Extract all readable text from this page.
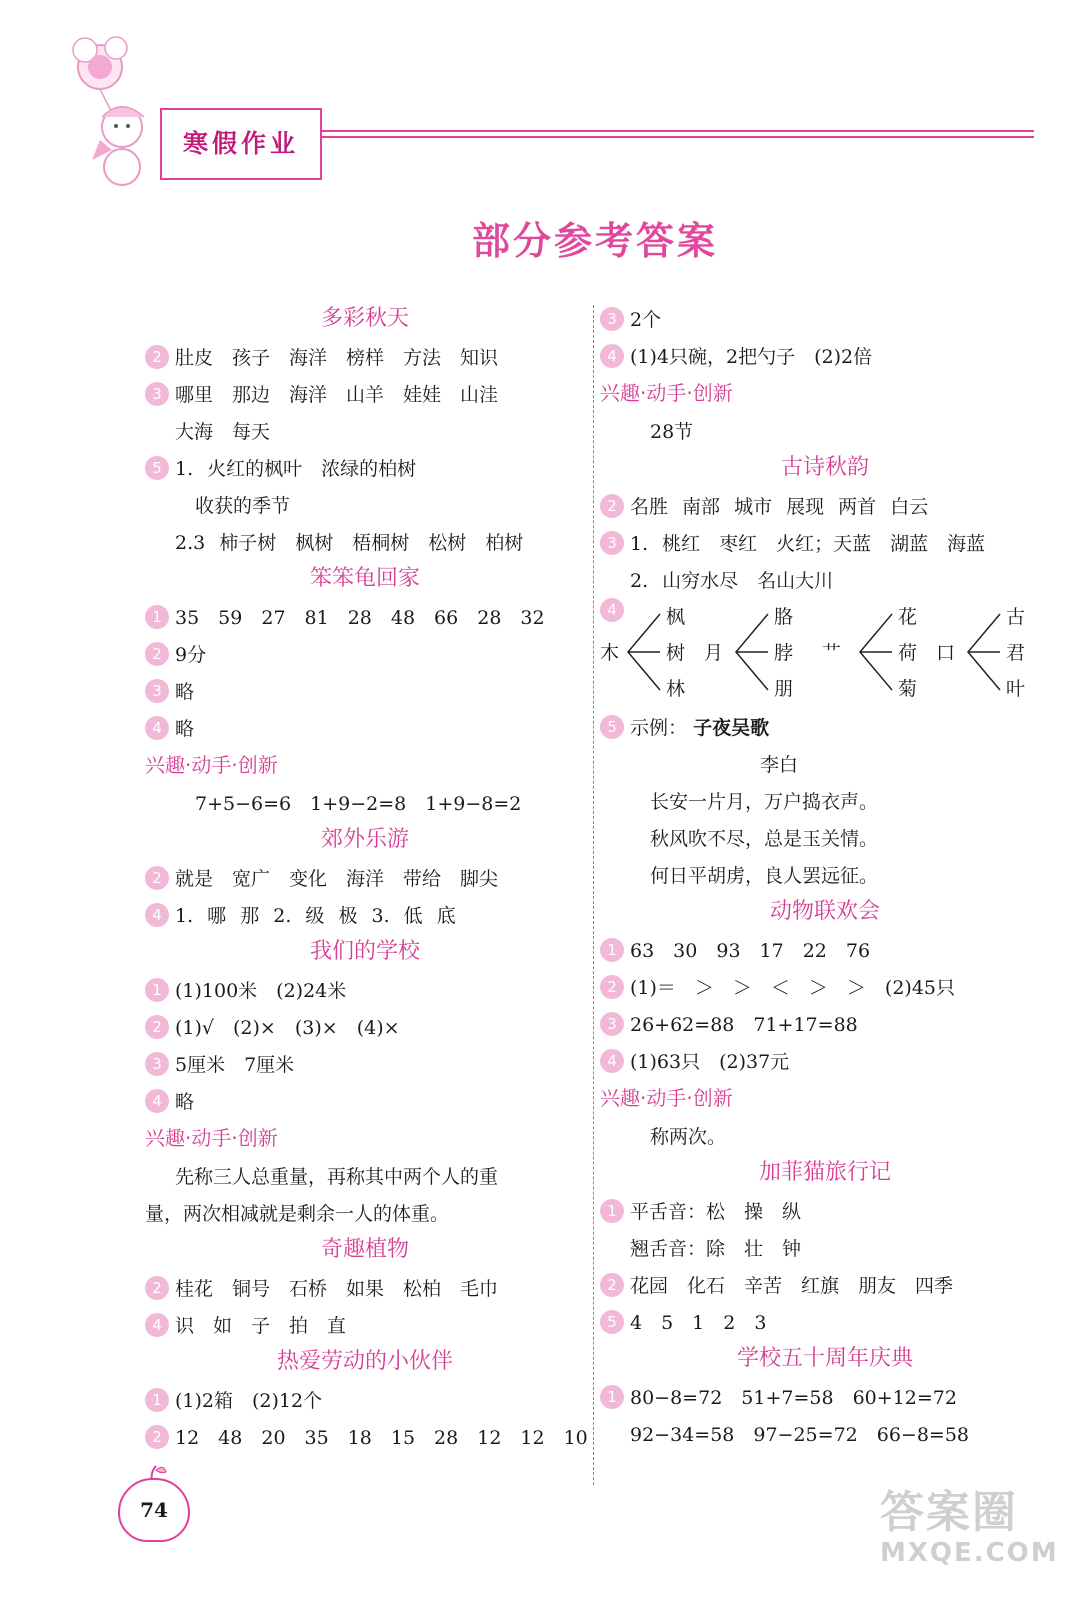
寒假作业
部分参考答案
多彩秋天
2 肚皮　孩子　海洋　榜样　方法　知识
3 哪里　那边　海洋　山羊　娃娃　山洼
大海　每天
5 1. 火红的枫叶　浓绿的柏树
收获的季节
2.3 柿子树　枫树　梧桐树　松树　柏树
笨笨龟回家
1 35　59　27　81　28　48　66　28　32
2 9分
3 略
4 略
兴趣·动手·创新
7+5−6=6　1+9−2=8　1+9−8=2
郊外乐游
2 就是　宽广　变化　海洋　带给　脚尖
4 1. 哪 那 2. 级 极 3. 低 底
我们的学校
1 (1)100米　(2)24米
2 (1)√　(2)×　(3)×　(4)×
3 5厘米　7厘米
4 略
兴趣·动手·创新
先称三人总重量，再称其中两个人的重
量，两次相减就是剩余一人的体重。
奇趣植物
2 桂花　铜号　石桥　如果　松柏　毛巾
4 识　如　子　拍　直
热爱劳动的小伙伴
1 (1)2箱　(2)12个
2 12　48　20　35　18　15　28　12　12　10
3 2个
4 (1)4只碗，2把勺子　(2)2倍
兴趣·动手·创新
28节
古诗秋韵
2 名胜 南部 城市 展现 两首 白云
3 1. 桃红　枣红　火红；天蓝　湖蓝　海蓝
2. 山穷水尽　名山大川
4
木
枫
树
林
月
胳
脖
朋
艹
花
荷
菊
口
古
君
叶
5 示例：
子夜吴歌
李白
长安一片月，万户捣衣声。
秋风吹不尽，总是玉关情。
何日平胡虏，良人罢远征。
动物联欢会
1 63　30　93　17　22　76
2 (1)＝　＞　＞　＜　＞　＞　(2)45只
3 26+62=88　71+17=88
4 (1)63只　(2)37元
兴趣·动手·创新
称两次。
加菲猫旅行记
1 平舌音：松　操　纵
翘舌音：除　壮　钟
2 花园　化石　辛苦　红旗　朋友　四季
5 4　5　1　2　3
学校五十周年庆典
1 80−8=72　51+7=58　60+12=72
92−34=58　97−25=72　66−8=58
74	答案圈
MXQE.COM
